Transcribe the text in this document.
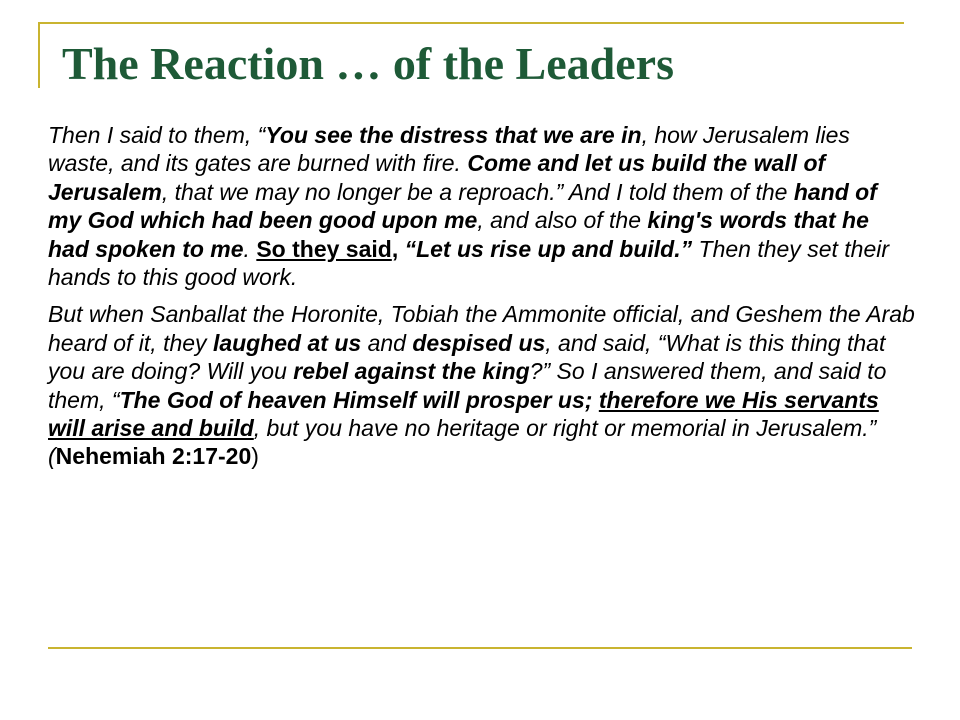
The Reaction … of the Leaders

Then I said to them, “You see the distress that we are in, how Jerusalem lies waste, and its gates are burned with fire. Come and let us build the wall of Jerusalem, that we may no longer be a reproach.” And I told them of the hand of my God which had been good upon me, and also of the king's words that he had spoken to me. So they said, “Let us rise up and build.” Then they set their hands to this good work.

But when Sanballat the Horonite, Tobiah the Ammonite official, and Geshem the Arab heard of it, they laughed at us and despised us, and said, “What is this thing that you are doing? Will you rebel against the king?” So I answered them, and said to them, “The God of heaven Himself will prosper us; therefore we His servants will arise and build, but you have no heritage or right or memorial in Jerusalem.” (Nehemiah 2:17-20)
